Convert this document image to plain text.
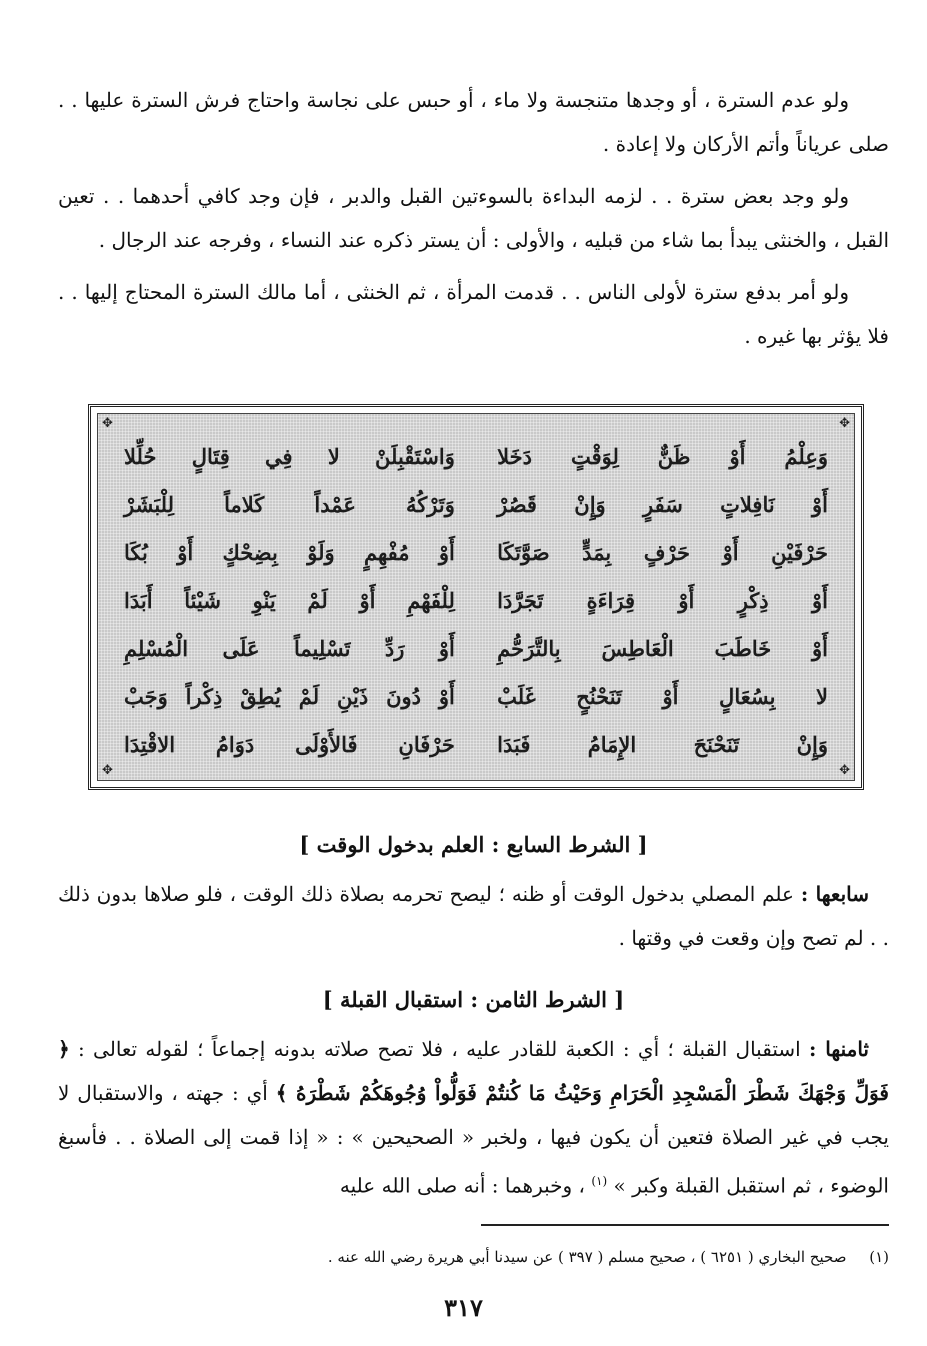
ولو عدم السترة ، أو وجدها متنجسة ولا ماء ، أو حبس على نجاسة واحتاج فرش السترة عليها . . صلى عرياناً وأتم الأركان ولا إعادة .

ولو وجد بعض سترة . . لزمه البداءة بالسوءتين القبل والدبر ، فإن وجد كافي أحدهما . . تعين القبل ، والخنثى يبدأ بما شاء من قبليه ، والأولى : أن يستر ذكره عند النساء ، وفرجه عند الرجال .

ولو أمر بدفع سترة لأولى الناس . . قدمت المرأة ، ثم الخنثى ، أما مالك السترة المحتاج إليها . . فلا يؤثر بها غيره .

✥
✥
✥
✥
وَعِلْمُ أَوْ ظَنٌّ لِوَقْتٍ دَخَلا
وَاسْتَقْبِلَنْ لا فِي قِتَالٍ حُلِّلا
أَوْ نَافِلاتٍ سَفَرٍ وَإِنْ قَصُرْ
وَتَرْكُهُ عَمْداً كَلاماً لِلْبَشَرْ
حَرْفَيْنِ أَوْ حَرْفٍ بِمَدٍّ صَوَّتَكَا
أَوْ مُفْهِمٍ وَلَوْ بِضِحْكٍ أَوْ بُكَا
أَوْ ذِكْرٍ أَوْ قِرَاءَةٍ تَجَرَّدَا
لِلْفَهْمِ أَوْ لَمْ يَنْوِ شَيْئاً أَبَدَا
أَوْ خَاطَبَ الْعَاطِسَ بِالتَّرَحُّمِ
أَوْ رَدِّ تَسْلِيماً عَلَى الْمُسْلِمِ
لا بِسُعَالٍ أَوْ تَنَحْنُحٍ غَلَبْ
أَوْ دُونَ ذَيْنِ لَمْ يُطِقْ ذِكْراً وَجَبْ
وَإِنْ تَنَحْنَحَ الإِمَامُ فَبَدَا
حَرْفَانِ فَالأَوْلَى دَوَامُ الاقْتِدَا
[ الشرط السابع : العلم بدخول الوقت ]

سابعها : علم المصلي بدخول الوقت أو ظنه ؛ ليصح تحرمه بصلاة ذلك الوقت ، فلو صلاها بدون ذلك . . لم تصح وإن وقعت في وقتها .

[ الشرط الثامن : استقبال القبلة ]

ثامنها : استقبال القبلة ؛ أي : الكعبة للقادر عليه ، فلا تصح صلاته بدونه إجماعاً ؛ لقوله تعالى : ﴿ فَوَلِّ وَجْهَكَ شَطْرَ الْمَسْجِدِ الْحَرَامِ وَحَيْثُ مَا كُنتُمْ فَوَلُّواْ وُجُوهَكُمْ شَطْرَهُ ﴾ أي : جهته ، والاستقبال لا يجب في غير الصلاة فتعين أن يكون فيها ، ولخبر « الصحيحين » : « إذا قمت إلى الصلاة . . فأسبغ الوضوء ، ثم استقبل القبلة وكبر » $^{(١)}$ ، وخبرهما : أنه صلى الله عليه

(١) صحيح البخاري ( ٦٢٥١ ) ، صحيح مسلم ( ٣٩٧ ) عن سيدنا أبي هريرة رضي الله عنه .
٣١٧
